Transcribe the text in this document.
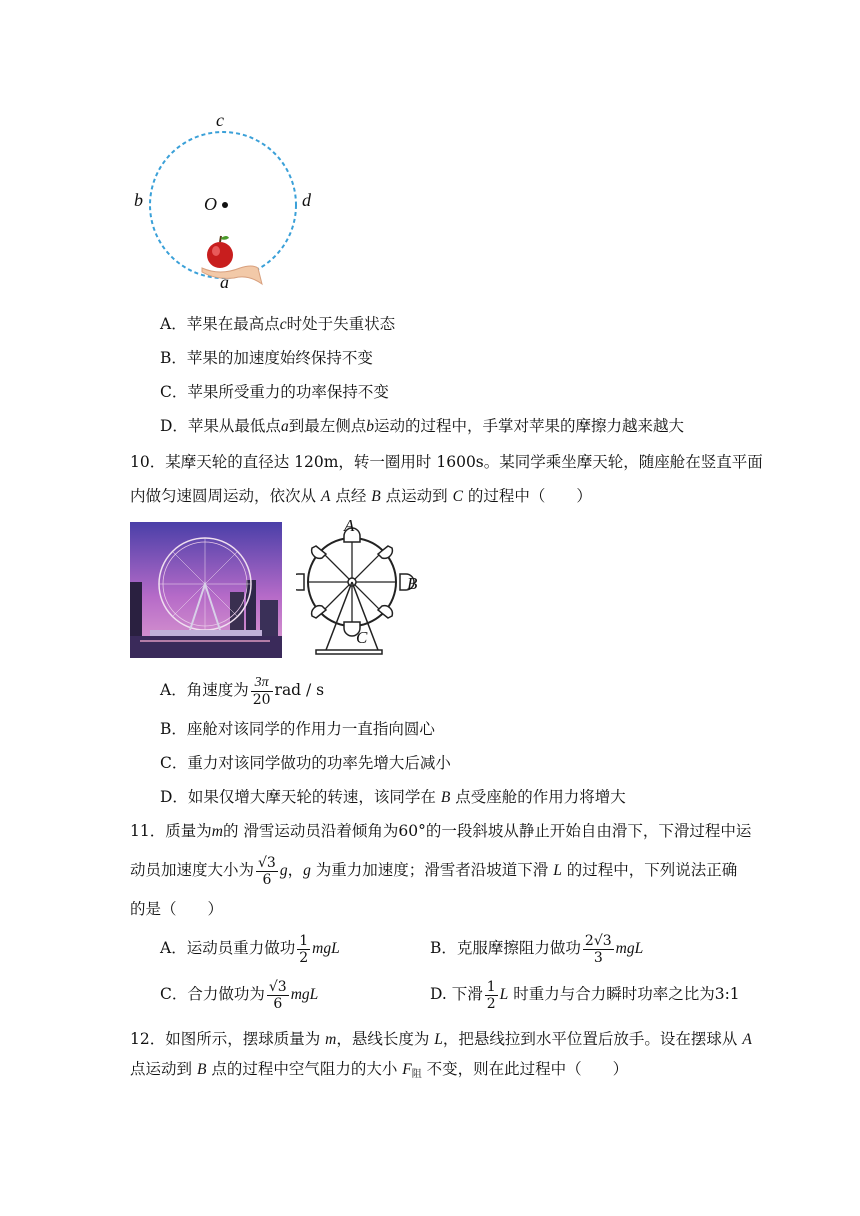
c
b	O	d
a
A．苹果在最高点c时处于失重状态
B．苹果的加速度始终保持不变
C．苹果所受重力的功率保持不变
D．苹果从最低点a到最左侧点b运动的过程中，手掌对苹果的摩擦力越来越大
10．某摩天轮的直径达 120m，转一圈用时 1600s。某同学乘坐摩天轮，随座舱在竖直平面
内做匀速圆周运动，依次从 A 点经 B 点运动到 C 的过程中（　　）
A
B
C
A．角速度为 $\frac{3\pi}{20}$ rad / s
B．座舱对该同学的作用力一直指向圆心
C．重力对该同学做功的功率先增大后减小
D．如果仅增大摩天轮的转速，该同学在 B 点受座舱的作用力将增大
11．质量为m的 滑雪运动员沿着倾角为60°的一段斜坡从静止开始自由滑下，下滑过程中运
动员加速度大小为 $\frac{√3}{6}$ g，g 为重力加速度；滑雪者沿坡道下滑 L 的过程中，下列说法正确
的是（　　）
A．运动员重力做功 $\frac{1}{2}$ mgL	B．克服摩擦阻力做功 $\frac{2√3}{3}$ mgL
C．合力做功为 $\frac{√3}{6}$ mgL	D. 下滑 $\frac{1}{2}$ L 时重力与合力瞬时功率之比为3:1
12．如图所示，摆球质量为 m，悬线长度为 L，把悬线拉到水平位置后放手。设在摆球从 A
点运动到 B 点的过程中空气阻力的大小 $F_阻$ 不变，则在此过程中（　　）
